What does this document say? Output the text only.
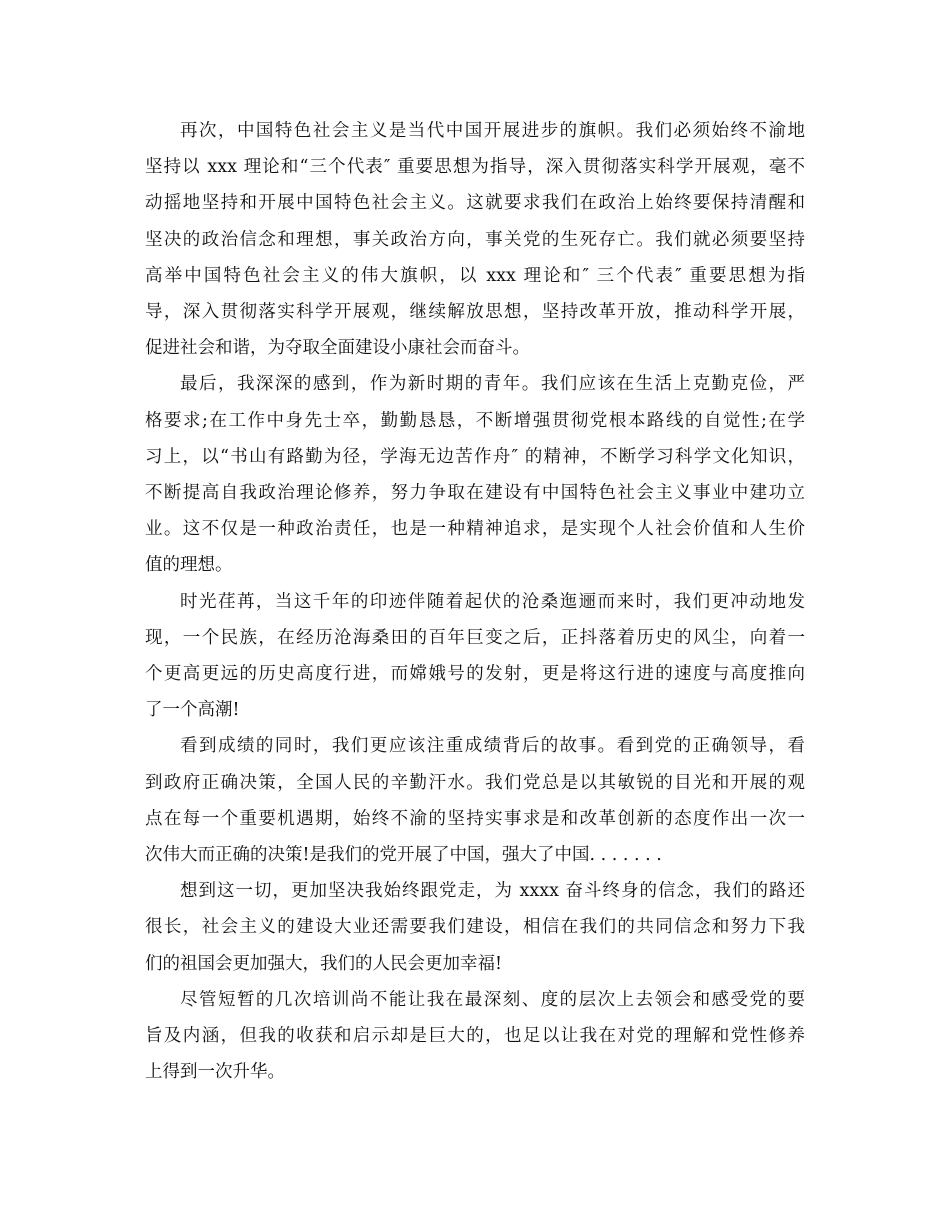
再次，中国特色社会主义是当代中国开展进步的旗帜。我们必须始终不渝地
坚持以 xxx 理论和“三个代表″ 重要思想为指导，深入贯彻落实科学开展观，毫不
动摇地坚持和开展中国特色社会主义。这就要求我们在政治上始终要保持清醒和
坚决的政治信念和理想，事关政治方向，事关党的生死存亡。我们就必须要坚持
高举中国特色社会主义的伟大旗帜，以 xxx 理论和″ 三个代表″ 重要思想为指
导，深入贯彻落实科学开展观，继续解放思想，坚持改革开放，推动科学开展，
促进社会和谐，为夺取全面建设小康社会而奋斗。

最后，我深深的感到，作为新时期的青年。我们应该在生活上克勤克俭，严
格要求;在工作中身先士卒，勤勤恳恳，不断增强贯彻党根本路线的自觉性;在学
习上，以“书山有路勤为径，学海无边苦作舟″ 的精神，不断学习科学文化知识，
不断提高自我政治理论修养，努力争取在建设有中国特色社会主义事业中建功立
业。这不仅是一种政治责任，也是一种精神追求，是实现个人社会价值和人生价
值的理想。

时光荏苒，当这千年的印迹伴随着起伏的沧桑迤逦而来时，我们更冲动地发
现，一个民族，在经历沧海桑田的百年巨变之后，正抖落着历史的风尘，向着一
个更高更远的历史高度行进，而嫦娥号的发射，更是将这行进的速度与高度推向
了一个高潮!

看到成绩的同时，我们更应该注重成绩背后的故事。看到党的正确领导，看
到政府正确决策，全国人民的辛勤汗水。我们党总是以其敏锐的目光和开展的观
点在每一个重要机遇期，始终不渝的坚持实事求是和改革创新的态度作出一次一
次伟大而正确的决策!是我们的党开展了中国，强大了中国. . . . . . .

想到这一切，更加坚决我始终跟党走，为 xxxx 奋斗终身的信念，我们的路还
很长，社会主义的建设大业还需要我们建设，相信在我们的共同信念和努力下我
们的祖国会更加强大，我们的人民会更加幸福!

尽管短暂的几次培训尚不能让我在最深刻、度的层次上去领会和感受党的要
旨及内涵，但我的收获和启示却是巨大的，也足以让我在对党的理解和党性修养
上得到一次升华。
